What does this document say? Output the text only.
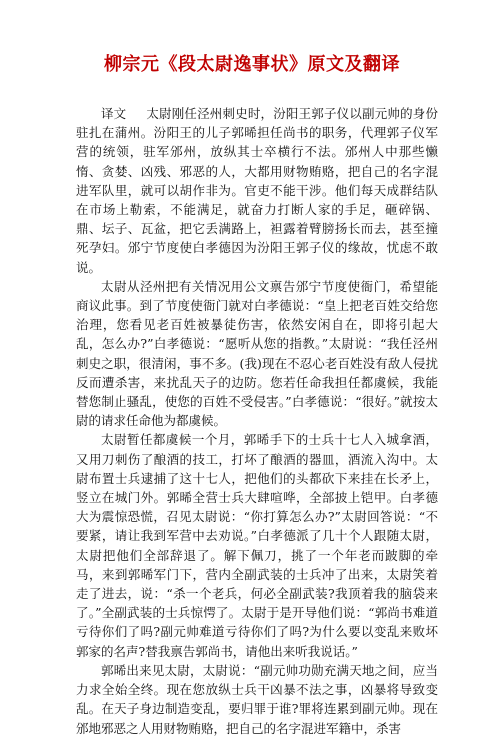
柳宗元《段太尉逸事状》原文及翻译

译文 太尉刚任泾州刺史时，汾阳王郭子仪以副元帅的身份驻扎在蒲州。汾阳王的儿子郭晞担任尚书的职务，代理郭子仪军营的统领，驻军邠州，放纵其士卒横行不法。邠州人中那些懒惰、贪婪、凶残、邪恶的人，大都用财物贿赂，把自己的名字混进军队里，就可以胡作非为。官吏不能干涉。他们每天成群结队在市场上勒索，不能满足，就奋力打断人家的手足，砸碎锅、鼎、坛子、瓦盆，把它丢满路上，袒露着臂膀扬长而去，甚至撞死孕妇。邠宁节度使白孝德因为汾阳王郭子仪的缘故，忧虑不敢说。

太尉从泾州把有关情况用公文禀告邠宁节度使衙门，希望能商议此事。到了节度使衙门就对白孝德说：“皇上把老百姓交给您治理，您看见老百姓被暴徒伤害，依然安闲自在，即将引起大乱，怎么办?”白孝德说：“愿听从您的指教。”太尉说：“我任泾州刺史之职，很清闲，事不多。(我)现在不忍心老百姓没有敌人侵扰反而遭杀害，来扰乱天子的边防。您若任命我担任都虞候，我能替您制止骚乱，使您的百姓不受侵害。”白孝德说：“很好。”就按太尉的请求任命他为都虞候。

太尉暂任都虞候一个月，郭晞手下的士兵十七人入城拿酒，又用刀刺伤了酿酒的技工，打坏了酿酒的器皿，酒流入沟中。太尉布置士兵逮捕了这十七人，把他们的头都砍下来挂在长矛上，竖立在城门外。郭晞全营士兵大肆喧哗，全部披上铠甲。白孝德大为震惊恐慌，召见太尉说：“你打算怎么办?”太尉回答说：“不要紧，请让我到军营中去劝说。”白孝德派了几十个人跟随太尉，太尉把他们全部辞退了。解下佩刀，挑了一个年老而跛脚的牵马，来到郭晞军门下，营内全副武装的士兵冲了出来，太尉笑着走了进去，说：“杀一个老兵，何必全副武装?我顶着我的脑袋来了。”全副武装的士兵惊愕了。太尉于是开导他们说：“郭尚书难道亏待你们了吗?副元帅难道亏待你们了吗?为什么要以变乱来败坏郭家的名声?替我禀告郭尚书，请他出来听我说话。”

郭晞出来见太尉，太尉说：“副元帅功勋充满天地之间，应当力求全始全终。现在您放纵士兵干凶暴不法之事，凶暴将导致变乱。在天子身边制造变乱，要归罪于谁?罪将连累到副元帅。现在邠地邪恶之人用财物贿赂，把自己的名字混进军籍中，杀害
